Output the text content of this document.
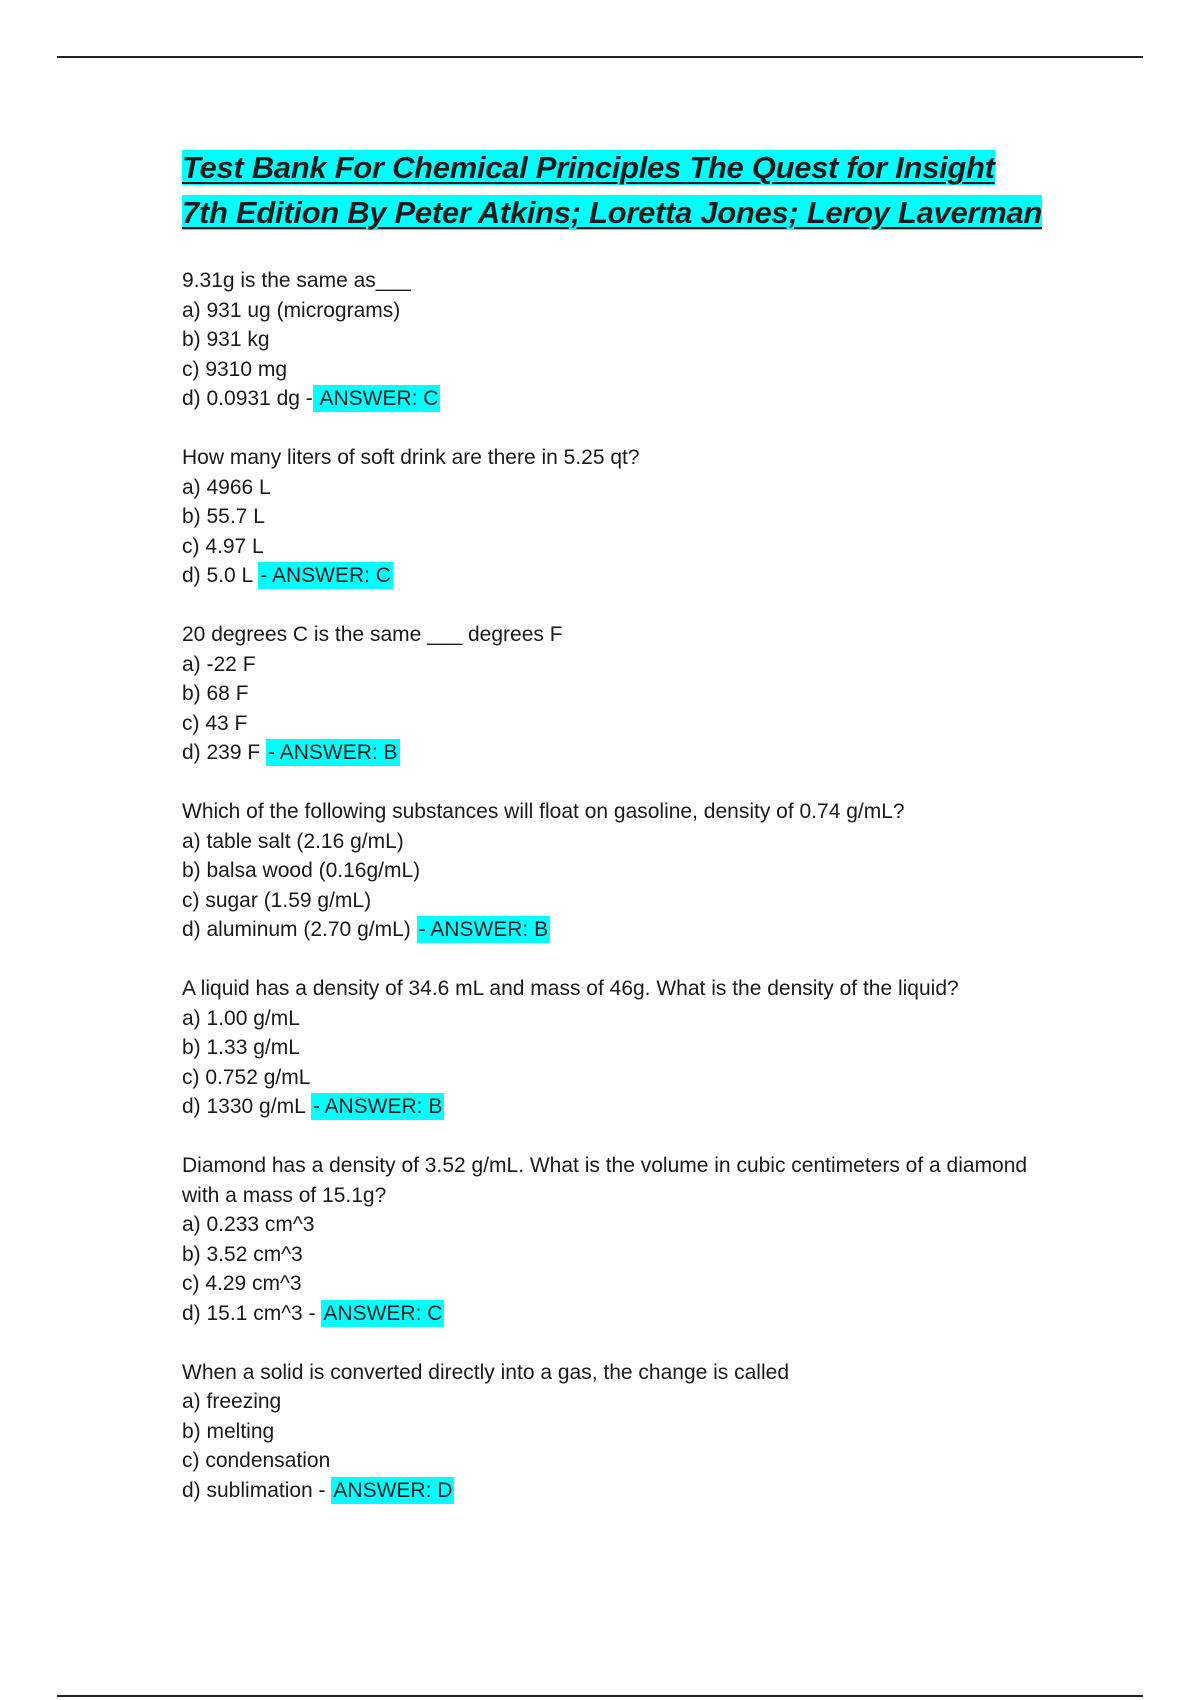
Test Bank For Chemical Principles The Quest for Insight 7th Edition By Peter Atkins; Loretta Jones; Leroy Laverman
9.31g is the same as___
a) 931 ug (micrograms)
b) 931 kg
c) 9310 mg
d) 0.0931 dg - ANSWER: C
How many liters of soft drink are there in 5.25 qt?
a) 4966 L
b) 55.7 L
c) 4.97 L
d) 5.0 L - ANSWER: C
20 degrees C is the same ___ degrees F
a) -22 F
b) 68 F
c) 43 F
d) 239 F - ANSWER: B
Which of the following substances will float on gasoline, density of 0.74 g/mL?
a) table salt (2.16 g/mL)
b) balsa wood (0.16g/mL)
c) sugar (1.59 g/mL)
d) aluminum (2.70 g/mL) - ANSWER: B
A liquid has a density of 34.6 mL and mass of 46g. What is the density of the liquid?
a) 1.00 g/mL
b) 1.33 g/mL
c) 0.752 g/mL
d) 1330 g/mL - ANSWER: B
Diamond has a density of 3.52 g/mL. What is the volume in cubic centimeters of a diamond with a mass of 15.1g?
a) 0.233 cm^3
b) 3.52 cm^3
c) 4.29 cm^3
d) 15.1 cm^3 - ANSWER: C
When a solid is converted directly into a gas, the change is called
a) freezing
b) melting
c) condensation
d) sublimation - ANSWER: D
